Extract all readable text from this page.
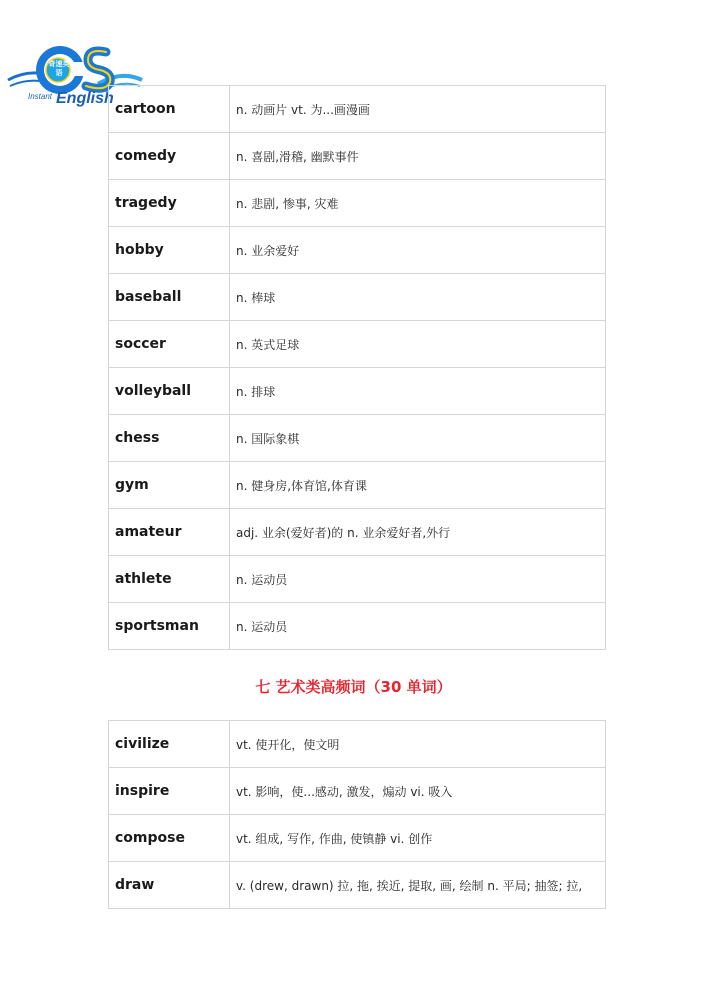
奇速英语
Instant English
cartoon	n. 动画片 vt. 为...画漫画
comedy	n. 喜剧,滑稽, 幽默事件
tragedy	n. 悲剧, 惨事, 灾难
hobby	n. 业余爱好
baseball	n. 棒球
soccer	n. 英式足球
volleyball	n. 排球
chess	n. 国际象棋
gym	n. 健身房,体育馆,体育课
amateur	adj. 业余(爱好者)的 n. 业余爱好者,外行
athlete	n. 运动员
sportsman	n. 运动员
七 艺术类高频词（30 单词）
civilize	vt. 使开化，使文明
inspire	vt. 影响，使...感动, 激发，煽动 vi. 吸入
compose	vt. 组成, 写作, 作曲, 使镇静 vi. 创作
draw	v. (drew, drawn) 拉, 拖, 挨近, 提取, 画, 绘制 n. 平局; 抽签; 拉,
